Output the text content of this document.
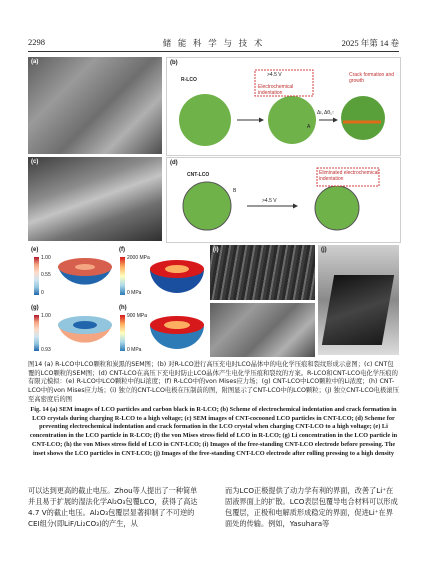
2298	储 能 科 学 与 技 术	2025 年第 14 卷
(a)	(b)
R-LCO
>4.5 V
Electrochemical indentation
Crack formation and growth
A
Δι, Δθ₁↑
(c)	(d)
CNT-LCO
>4.5 V
Eliminated electrochemical indentation
B
(e)
1.00
0.55
0
(f)
2000 MPa
0 MPa
(i)	(j)
(g)
1.00
0.93
(h)
900 MPa
0 MPa
图14 (a) R-LCO中LCO颗粒和炭黑的SEM图；(b) 对R-LCO进行高压充电时LCO晶体中的电化学压痕和裂纹形成示意图；(c) CNT包覆的LCO颗粒的SEM图；(d) CNT-LCO在高压下充电时防止LCO晶体产生电化学压痕和裂纹的方案。R-LCO和CNT-LCO电化学压痕的有限元模拟：(e) R-LCO中LCO颗粒中的Li浓度；(f) R-LCO中的von Mises应力场；(g) CNT-LCO中LCO颗粒中的Li浓度；(h) CNT-LCO中的von Mises应力场；(i) 独立的CNT-LCO电极在压制前的图，附图显示了CNT-LCO中的LCO颗粒；(j) 独立CNT-LCO电极滚压至高密度后的图
Fig. 14 (a) SEM images of LCO particles and carbon black in R-LCO; (b) Scheme of electrochemical indentation and crack formation in LCO crystals during charging R-LCO to a high voltage; (c) SEM images of CNT-cocooned LCO particles in CNT-LCO; (d) Scheme for preventing electrochemical indentation and crack formation in the LCO crystal when charging CNT-LCO to a high voltage; (e) Li concentration in the LCO particle in R-LCO; (f) the von Mises stress field of LCO in R-LCO; (g) Li concentration in the LCO particle in CNT-LCO; (h) the von Mises stress field of LCO in CNT-LCO; (i) Images of the free-standing CNT-LCO electrode before pressing. The inset shows the LCO particles in CNT-LCO; (j) Images of the free-standing CNT-LCO electrode after rolling pressing to a high density
可以达到更高的截止电压。Zhou等人提出了一种简单并且易于扩展的湿法化学Al₂O₃包覆LCO，获得了高达4.7 V的截止电压。Al₂O₃包覆层显著抑制了不可逆的CEI组分(即LiF/Li₂CO₃)的产生，从
而为LCO正极提供了动力学有利的界面，改善了Li⁺在固液界面上的扩散。LCO表层包覆导电合材料可以形成包覆层，正极和电解质形成稳定的界面，促进Li⁺在界面处的传输。例如，Yasuhara等
